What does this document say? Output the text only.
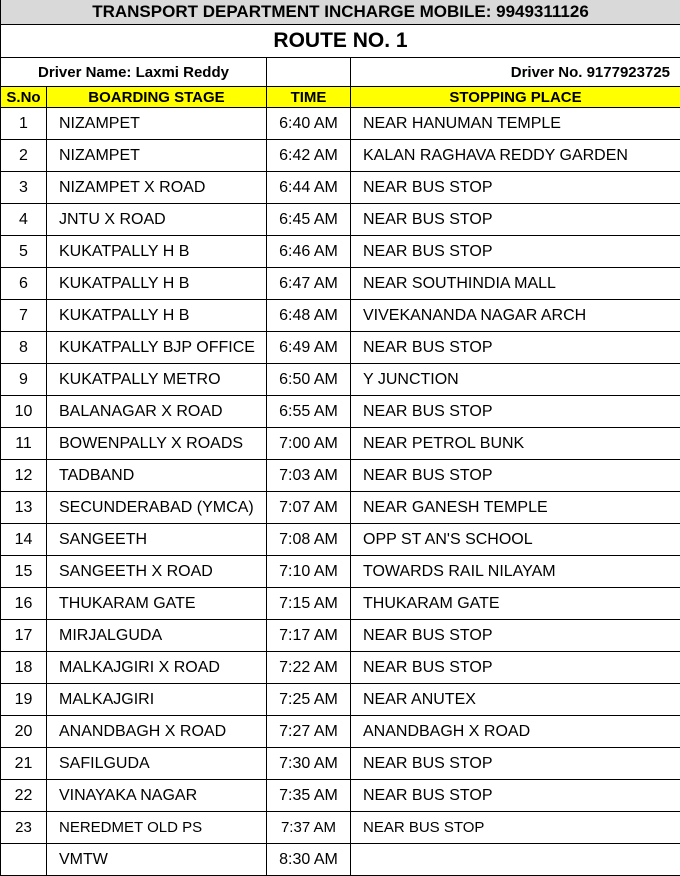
TRANSPORT DEPARTMENT INCHARGE MOBILE: 9949311126			
ROUTE NO. 1			
Driver Name: Laxmi Reddy			Driver No. 9177923725
S.No	BOARDING STAGE	TIME	STOPPING PLACE
1	NIZAMPET	6:40 AM	NEAR HANUMAN TEMPLE
2	NIZAMPET	6:42 AM	KALAN RAGHAVA REDDY GARDEN
3	NIZAMPET X ROAD	6:44 AM	NEAR BUS STOP
4	JNTU X ROAD	6:45 AM	NEAR BUS STOP
5	KUKATPALLY H B	6:46 AM	NEAR BUS STOP
6	KUKATPALLY H B	6:47 AM	NEAR SOUTHINDIA MALL
7	KUKATPALLY H B	6:48 AM	VIVEKANANDA NAGAR ARCH
8	KUKATPALLY BJP OFFICE	6:49 AM	NEAR BUS STOP
9	KUKATPALLY METRO	6:50 AM	Y JUNCTION
10	BALANAGAR X ROAD	6:55 AM	NEAR BUS STOP
11	BOWENPALLY X ROADS	7:00 AM	NEAR PETROL BUNK
12	TADBAND	7:03 AM	NEAR BUS STOP
13	SECUNDERABAD (YMCA)	7:07 AM	NEAR GANESH TEMPLE
14	SANGEETH	7:08 AM	OPP ST AN'S SCHOOL
15	SANGEETH X ROAD	7:10 AM	TOWARDS RAIL NILAYAM
16	THUKARAM GATE	7:15 AM	THUKARAM GATE
17	MIRJALGUDA	7:17 AM	NEAR BUS STOP
18	MALKAJGIRI X ROAD	7:22 AM	NEAR BUS STOP
19	MALKAJGIRI	7:25 AM	NEAR ANUTEX
20	ANANDBAGH X ROAD	7:27 AM	ANANDBAGH X ROAD
21	SAFILGUDA	7:30 AM	NEAR BUS STOP
22	VINAYAKA NAGAR	7:35 AM	NEAR BUS STOP
23	NEREDMET OLD PS	7:37 AM	NEAR BUS STOP
	VMTW	8:30 AM	
